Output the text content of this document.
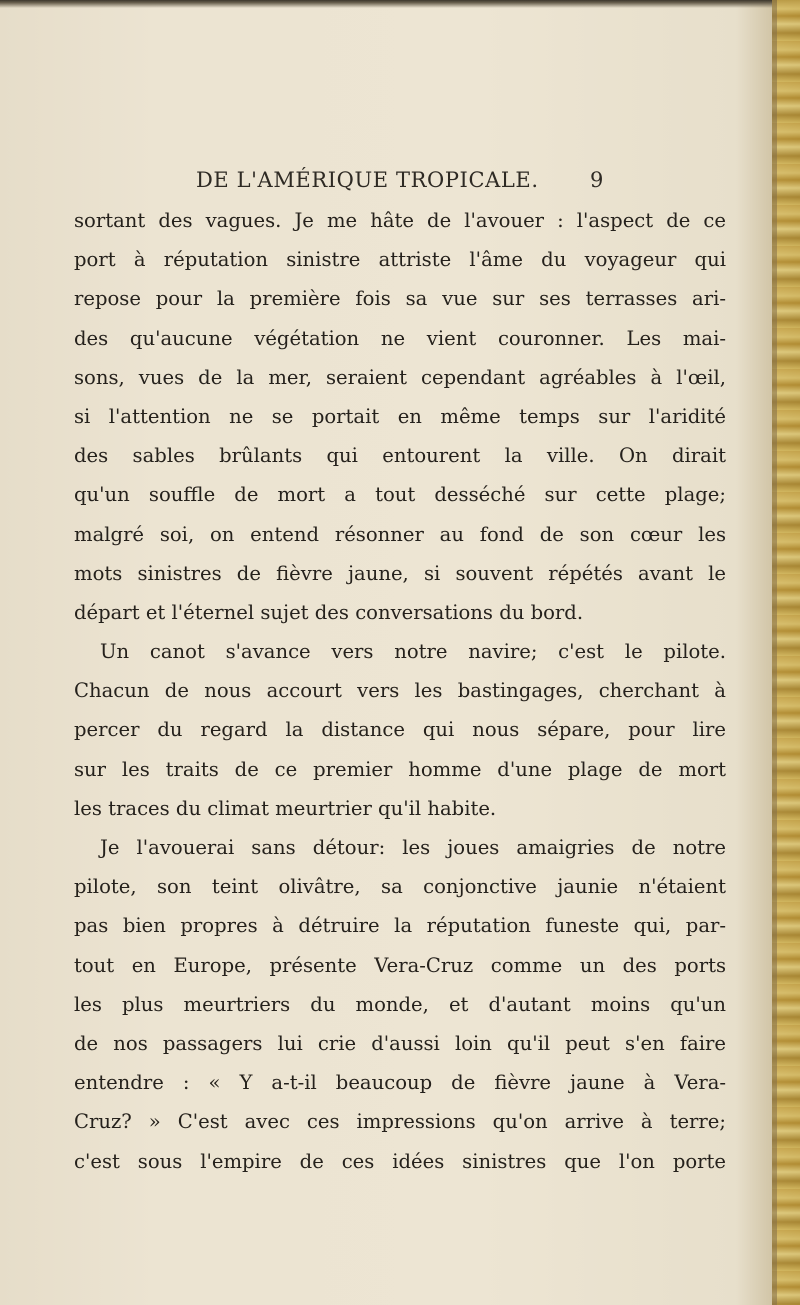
DE L'AMÉRIQUE TROPICALE. 9
sortant des vagues. Je me hâte de l'avouer : l'aspect de ce
port à réputation sinistre attriste l'âme du voyageur qui
repose pour la première fois sa vue sur ses terrasses ari-
des qu'aucune végétation ne vient couronner. Les mai-
sons, vues de la mer, seraient cependant agréables à l'œil,
si l'attention ne se portait en même temps sur l'aridité
des sables brûlants qui entourent la ville. On dirait
qu'un souffle de mort a tout desséché sur cette plage;
malgré soi, on entend résonner au fond de son cœur les
mots sinistres de fièvre jaune, si souvent répétés avant le
départ et l'éternel sujet des conversations du bord.
Un canot s'avance vers notre navire; c'est le pilote.
Chacun de nous accourt vers les bastingages, cherchant à
percer du regard la distance qui nous sépare, pour lire
sur les traits de ce premier homme d'une plage de mort
les traces du climat meurtrier qu'il habite.
Je l'avouerai sans détour: les joues amaigries de notre
pilote, son teint olivâtre, sa conjonctive jaunie n'étaient
pas bien propres à détruire la réputation funeste qui, par-
tout en Europe, présente Vera-Cruz comme un des ports
les plus meurtriers du monde, et d'autant moins qu'un
de nos passagers lui crie d'aussi loin qu'il peut s'en faire
entendre : « Y a-t-il beaucoup de fièvre jaune à Vera-
Cruz? » C'est avec ces impressions qu'on arrive à terre;
c'est sous l'empire de ces idées sinistres que l'on porte
